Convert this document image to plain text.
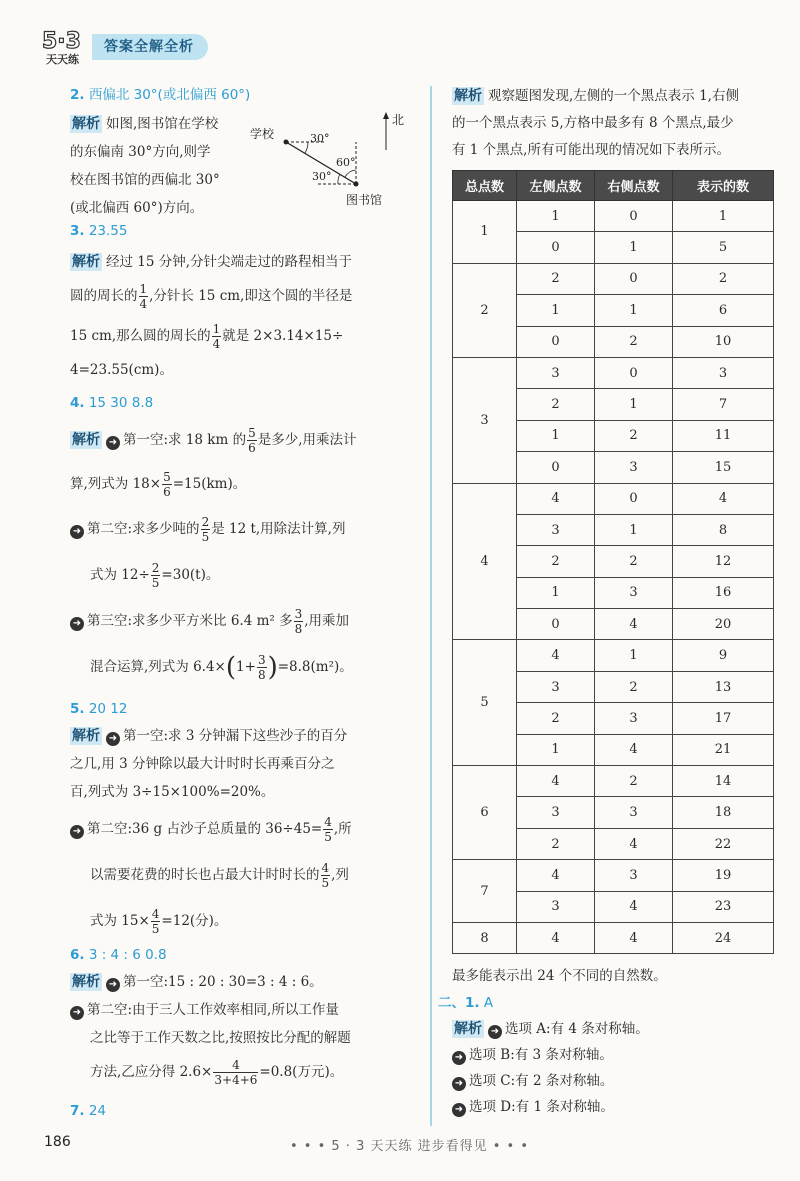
5·3
天天练
答案全解全析
2. 西偏北 30°(或北偏西 60°)
解析 如图,图书馆在学校
的东偏南 30°方向,则学
校在图书馆的西偏北 30°
(或北偏西 60°)方向。
学校
图书馆
北
30°
60°
30°
3. 23.55
解析 经过 15 分钟,分针尖端走过的路程相当于
圆的周长的 $\frac{1}{4}$ ,分针长 15 cm,即这个圆的半径是
15 cm,那么圆的周长的 $\frac{1}{4}$ 就是 2×3.14×15÷
4=23.55(cm)。
4. 15 30 8.8
解析 ➜ 第一空:求 18 km 的 $\frac{5}{6}$ 是多少,用乘法计
算,列式为 $18\times \frac{5}{6} =15(km)$。
➜ 第二空:求多少吨的 $\frac{2}{5}$ 是 12 t,用除法计算,列
式为 $12\div \frac{2}{5} =30(t)$。
➜ 第三空:求多少平方米比 6.4 m² 多 $\frac{3}{8}$ ,用乘加
混合运算,列式为 $6.4\times(1+ \frac{3}{8} )=8.8(m^2)$。
5. 20 12
解析 ➜ 第一空:求 3 分钟漏下这些沙子的百分
之几,用 3 分钟除以最大计时时长再乘百分之
百,列式为 3÷15×100%=20%。
➜ 第二空:36 g 占沙子总质量的 $36\div 45= \frac{4}{5}$ ,所
以需要花费的时长也占最大计时时长的 $\frac{4}{5}$ ,列
式为 $15\times \frac{4}{5} =12$(分)。
6. 3 : 4 : 6 0.8
解析 ➜ 第一空:15 : 20 : 30=3 : 4 : 6。
➜ 第二空:由于三人工作效率相同,所以工作量
之比等于工作天数之比,按照按比分配的解题
方法,乙应分得 $2.6\times \frac{4}{3+4+6} =0.8$(万元)。
7. 24
解析 观察题图发现,左侧的一个黑点表示 1,右侧
的一个黑点表示 5,方格中最多有 8 个黑点,最少
有 1 个黑点,所有可能出现的情况如下表所示。
总点数	左侧点数	右侧点数	表示的数
1	1	0	1
	0	1	5
2	2	0	2
	1	1	6
	0	2	10
3	3	0	3
	2	1	7
	1	2	11
	0	3	15
4	4	0	4
	3	1	8
	2	2	12
	1	3	16
	0	4	20
5	4	1	9
	3	2	13
	2	3	17
	1	4	21
6	4	2	14
	3	3	18
	2	4	22
7	4	3	19
	3	4	23
8	4	4	24
最多能表示出 24 个不同的自然数。
二、1. A
解析 ➜ 选项 A:有 4 条对称轴。
➜ 选项 B:有 3 条对称轴。
➜ 选项 C:有 2 条对称轴。
➜ 选项 D:有 1 条对称轴。
186	• • • 5 · 3 天天练 进步看得见 • • •
